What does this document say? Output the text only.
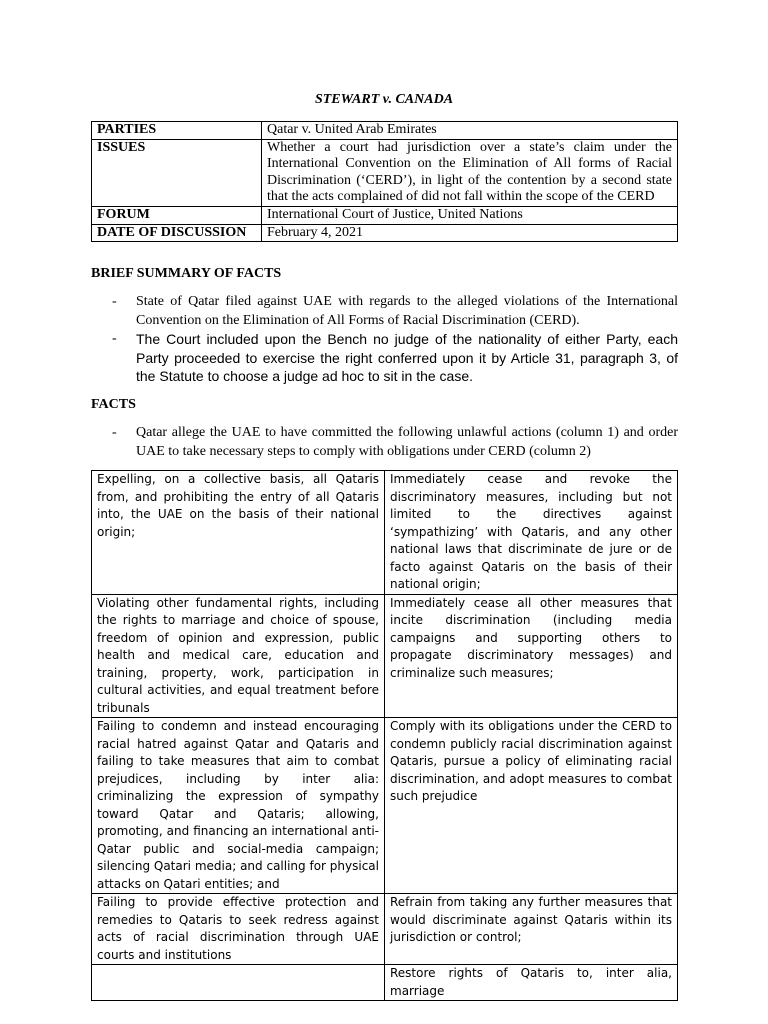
STEWART v. CANADA
PARTIES	Qatar v. United Arab Emirates
ISSUES	Whether a court had jurisdiction over a state’s claim under the International Convention on the Elimination of All forms of Racial Discrimination (‘CERD’), in light of the contention by a second state that the acts complained of did not fall within the scope of the CERD
FORUM	International Court of Justice, United Nations
DATE OF DISCUSSION	February 4, 2021
BRIEF SUMMARY OF FACTS
- State of Qatar filed against UAE with regards to the alleged violations of the International Convention on the Elimination of All Forms of Racial Discrimination (CERD).
- The Court included upon the Bench no judge of the nationality of either Party, each Party proceeded to exercise the right conferred upon it by Article 31, paragraph 3, of the Statute to choose a judge ad hoc to sit in the case.
FACTS
- Qatar allege the UAE to have committed the following unlawful actions (column 1) and order UAE to take necessary steps to comply with obligations under CERD (column 2)
Expelling, on a collective basis, all Qataris from, and prohibiting the entry of all Qataris into, the UAE on the basis of their national origin;	Immediately cease and revoke the discriminatory measures, including but not limited to the directives against ‘sympathizing’ with Qataris, and any other national laws that discriminate de jure or de facto against Qataris on the basis of their national origin;
Violating other fundamental rights, including the rights to marriage and choice of spouse, freedom of opinion and expression, public health and medical care, education and training, property, work, participation in cultural activities, and equal treatment before tribunals	Immediately cease all other measures that incite discrimination (including media campaigns and supporting others to propagate discriminatory messages) and criminalize such measures;
Failing to condemn and instead encouraging racial hatred against Qatar and Qataris and failing to take measures that aim to combat prejudices, including by inter alia: criminalizing the expression of sympathy toward Qatar and Qataris; allowing, promoting, and financing an international anti-Qatar public and social-media campaign; silencing Qatari media; and calling for physical attacks on Qatari entities; and	Comply with its obligations under the CERD to condemn publicly racial discrimination against Qataris, pursue a policy of eliminating racial discrimination, and adopt measures to combat such prejudice
Failing to provide effective protection and remedies to Qataris to seek redress against acts of racial discrimination through UAE courts and institutions	Refrain from taking any further measures that would discriminate against Qataris within its jurisdiction or control;
	Restore rights of Qataris to, inter alia, marriage
